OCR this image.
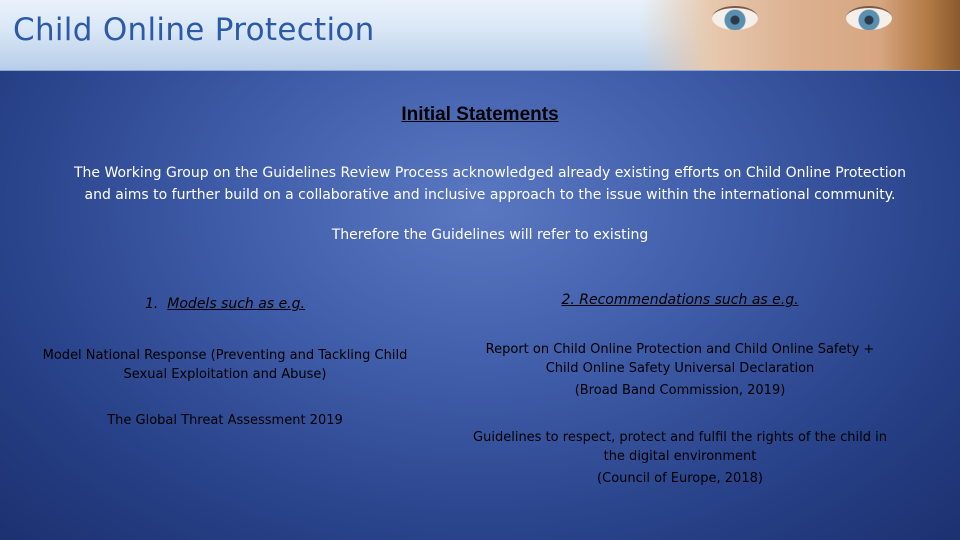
Child Online Protection
Initial Statements
The Working Group on the Guidelines Review Process acknowledged already existing efforts on Child Online Protection
and aims to further build on a collaborative and inclusive approach to the issue within the international community.
Therefore the Guidelines will refer to existing
1. Models such as e.g.
Model National Response (Preventing and Tackling Child Sexual Exploitation and Abuse)
The Global Threat Assessment 2019
2. Recommendations such as e.g.
Report on Child Online Protection and Child Online Safety + Child Online Safety Universal Declaration
(Broad Band Commission, 2019)
Guidelines to respect, protect and fulfil the rights of the child in the digital environment
(Council of Europe, 2018)
